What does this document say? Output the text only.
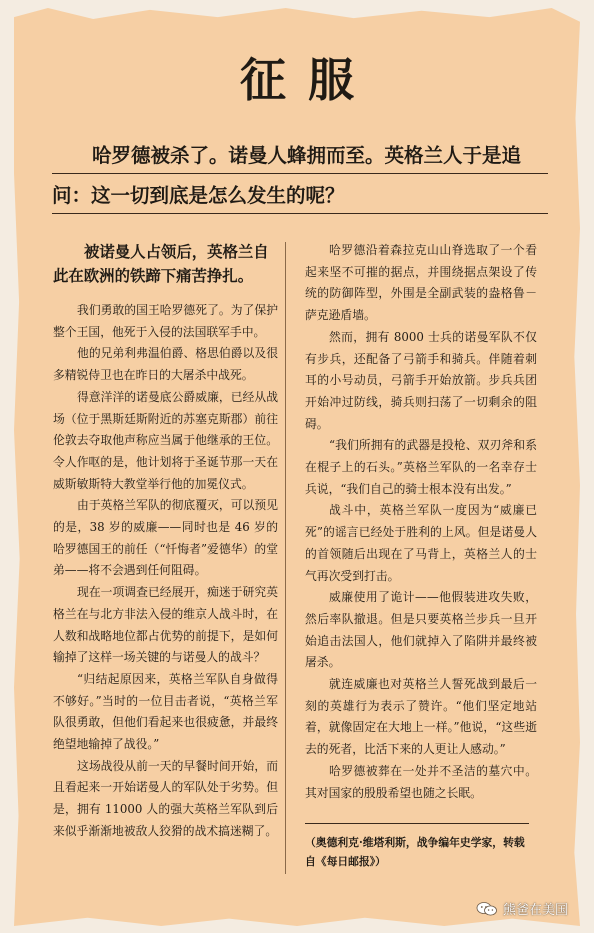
征服

哈罗德被杀了。诺曼人蜂拥而至。英格兰人于是追问：这一切到底是怎么发生的呢？

被诺曼人占领后，英格兰自此在欧洲的铁蹄下痛苦挣扎。

我们勇敢的国王哈罗德死了。为了保护整个王国，他死于入侵的法国联军手中。

他的兄弟利弗温伯爵、格思伯爵以及很多精锐侍卫也在昨日的大屠杀中战死。

得意洋洋的诺曼底公爵威廉，已经从战场（位于黑斯廷斯附近的苏塞克斯郡）前往伦敦去夺取他声称应当属于他继承的王位。令人作呕的是，他计划将于圣诞节那一天在威斯敏斯特大教堂举行他的加冕仪式。

由于英格兰军队的彻底覆灭，可以预见的是，38 岁的威廉——同时也是 46 岁的哈罗德国王的前任（“忏悔者”爱德华）的堂弟——将不会遇到任何阻碍。

现在一项调查已经展开，痴迷于研究英格兰在与北方非法入侵的维京人战斗时，在人数和战略地位都占优势的前提下，是如何输掉了这样一场关键的与诺曼人的战斗？

“归结起原因来，英格兰军队自身做得不够好。”当时的一位目击者说，“英格兰军队很勇敢，但他们看起来也很疲惫，并最终绝望地输掉了战役。”

这场战役从前一天的早餐时间开始，而且看起来一开始诺曼人的军队处于劣势。但是，拥有 11000 人的强大英格兰军队到后来似乎渐渐地被敌人狡猾的战术搞迷糊了。

哈罗德沿着森拉克山山脊选取了一个看起来坚不可摧的据点，并围绕据点架设了传统的防御阵型，外围是全副武装的盎格鲁－萨克逊盾墙。

然而，拥有 8000 士兵的诺曼军队不仅有步兵，还配备了弓箭手和骑兵。伴随着刺耳的小号动员，弓箭手开始放箭。步兵兵团开始冲过防线，骑兵则扫荡了一切剩余的阻碍。

“我们所拥有的武器是投枪、双刃斧和系在棍子上的石头。”英格兰军队的一名幸存士兵说，“我们自己的骑士根本没有出发。”

战斗中，英格兰军队一度因为“威廉已死”的谣言已经处于胜利的上风。但是诺曼人的首领随后出现在了马背上，英格兰人的士气再次受到打击。

威廉使用了诡计——他假装进攻失败，然后率队撤退。但是只要英格兰步兵一旦开始追击法国人，他们就掉入了陷阱并最终被屠杀。

就连威廉也对英格兰人誓死战到最后一刻的英雄行为表示了赞许。“他们坚定地站着，就像固定在大地上一样。”他说，“这些逝去的死者，比活下来的人更让人感动。”

哈罗德被葬在一处并不圣洁的墓穴中。其对国家的殷殷希望也随之长眠。

（奥德利克·维塔利斯，战争编年史学家，转载自《每日邮报》）

熊爸在美国
